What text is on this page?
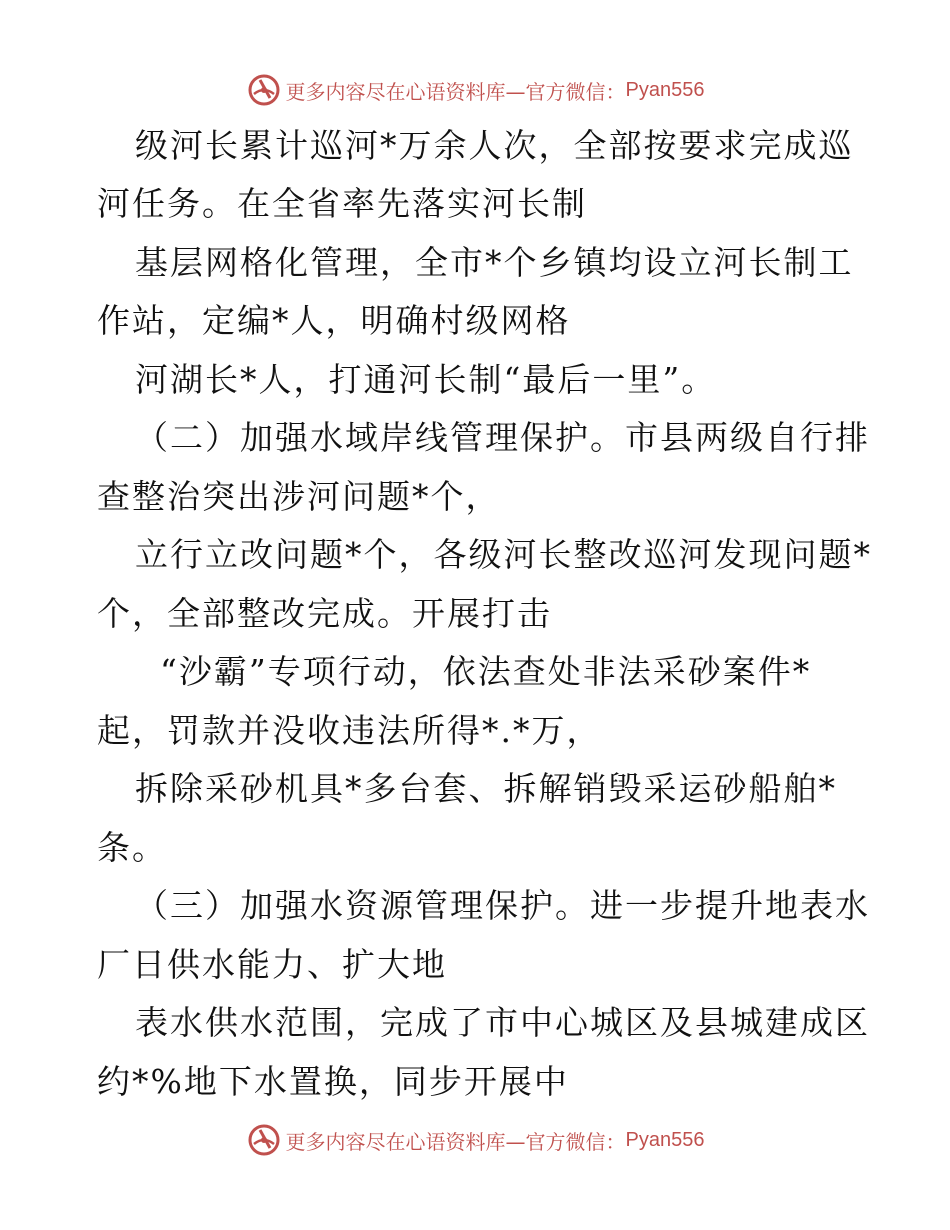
更多内容尽在心语资料库—官方微信： Pyan556
级河长累计巡河*万余人次，全部按要求完成巡
河任务。在全省率先落实河长制
基层网格化管理，全市*个乡镇均设立河长制工
作站，定编*人，明确村级网格
河湖长*人，打通河长制“最后一里”。
（二）加强水域岸线管理保护。市县两级自行排
查整治突出涉河问题*个，
立行立改问题*个，各级河长整改巡河发现问题*
个，全部整改完成。开展打击
“沙霸”专项行动，依法查处非法采砂案件*
起，罚款并没收违法所得*.*万，
拆除采砂机具*多台套、拆解销毁采运砂船舶*
条。
（三）加强水资源管理保护。进一步提升地表水
厂日供水能力、扩大地
表水供水范围，完成了市中心城区及县城建成区
约*%地下水置换，同步开展中
更多内容尽在心语资料库—官方微信： Pyan556
